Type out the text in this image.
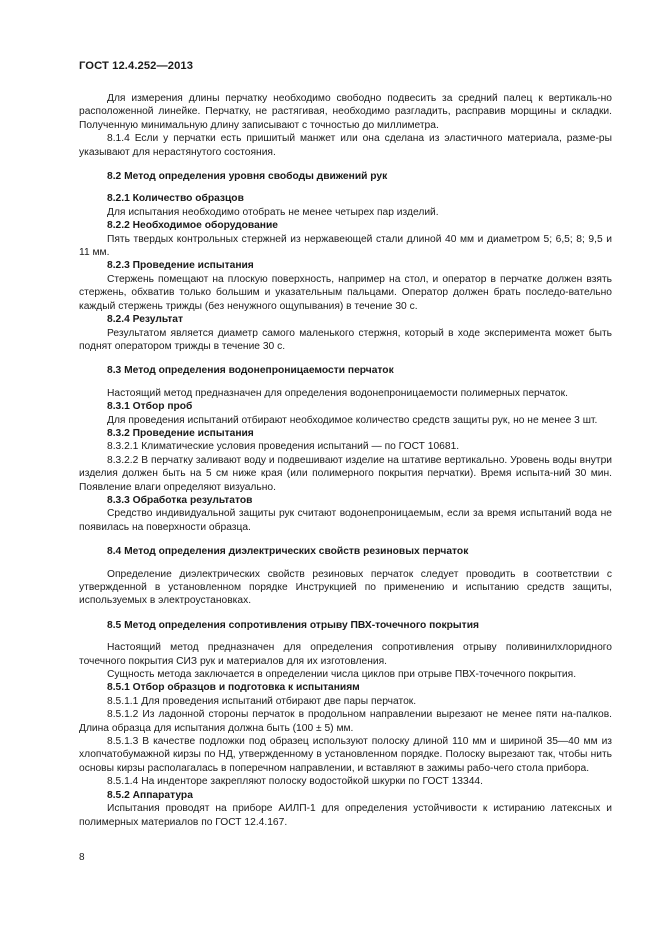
ГОСТ 12.4.252—2013

Для измерения длины перчатку необходимо свободно подвесить за средний палец к вертикаль-но расположенной линейке. Перчатку, не растягивая, необходимо разгладить, расправив морщины и складки. Полученную минимальную длину записывают с точностью до миллиметра.

8.1.4 Если у перчатки есть пришитый манжет или она сделана из эластичного материала, разме-ры указывают для нерастянутого состояния.

8.2 Метод определения уровня свободы движений рук
8.2.1 Количество образцов

Для испытания необходимо отобрать не менее четырех пар изделий.

8.2.2 Необходимое оборудование

Пять твердых контрольных стержней из нержавеющей стали длиной 40 мм и диаметром 5; 6,5; 8; 9,5 и 11 мм.

8.2.3 Проведение испытания

Стержень помещают на плоскую поверхность, например на стол, и оператор в перчатке должен взять стержень, обхватив только большим и указательным пальцами. Оператор должен брать последо-вательно каждый стержень трижды (без ненужного ощупывания) в течение 30 с.

8.2.4 Результат

Результатом является диаметр самого маленького стержня, который в ходе эксперимента может быть поднят оператором трижды в течение 30 с.

8.3 Метод определения водонепроницаемости перчаток

Настоящий метод предназначен для определения водонепроницаемости полимерных перчаток.

8.3.1 Отбор проб

Для проведения испытаний отбирают необходимое количество средств защиты рук, но не менее 3 шт.

8.3.2 Проведение испытания

8.3.2.1 Климатические условия проведения испытаний — по ГОСТ 10681.

8.3.2.2 В перчатку заливают воду и подвешивают изделие на штативе вертикально. Уровень воды внутри изделия должен быть на 5 см ниже края (или полимерного покрытия перчатки). Время испыта-ний 30 мин. Появление влаги определяют визуально.

8.3.3 Обработка результатов

Средство индивидуальной защиты рук считают водонепроницаемым, если за время испытаний вода не появилась на поверхности образца.

8.4 Метод определения диэлектрических свойств резиновых перчаток

Определение диэлектрических свойств резиновых перчаток следует проводить в соответствии с утвержденной в установленном порядке Инструкцией по применению и испытанию средств защиты, используемых в электроустановках.

8.5 Метод определения сопротивления отрыву ПВХ-точечного покрытия

Настоящий метод предназначен для определения сопротивления отрыву поливинилхлоридного точечного покрытия СИЗ рук и материалов для их изготовления.

Сущность метода заключается в определении числа циклов при отрыве ПВХ-точечного покрытия.

8.5.1 Отбор образцов и подготовка к испытаниям

8.5.1.1 Для проведения испытаний отбирают две пары перчаток.

8.5.1.2 Из ладонной стороны перчаток в продольном направлении вырезают не менее пяти на-палков. Длина образца для испытания должна быть (100 ± 5) мм.

8.5.1.3 В качестве подложки под образец используют полоску длиной 110 мм и шириной 35—40 мм из хлопчатобумажной кирзы по НД, утвержденному в установленном порядке. Полоску вырезают так, чтобы нить основы кирзы располагалась в поперечном направлении, и вставляют в зажимы рабо-чего стола прибора.

8.5.1.4 На инденторе закрепляют полоску водостойкой шкурки по ГОСТ 13344.

8.5.2 Аппаратура

Испытания проводят на приборе АИЛП-1 для определения устойчивости к истиранию латексных и полимерных материалов по ГОСТ 12.4.167.

8
